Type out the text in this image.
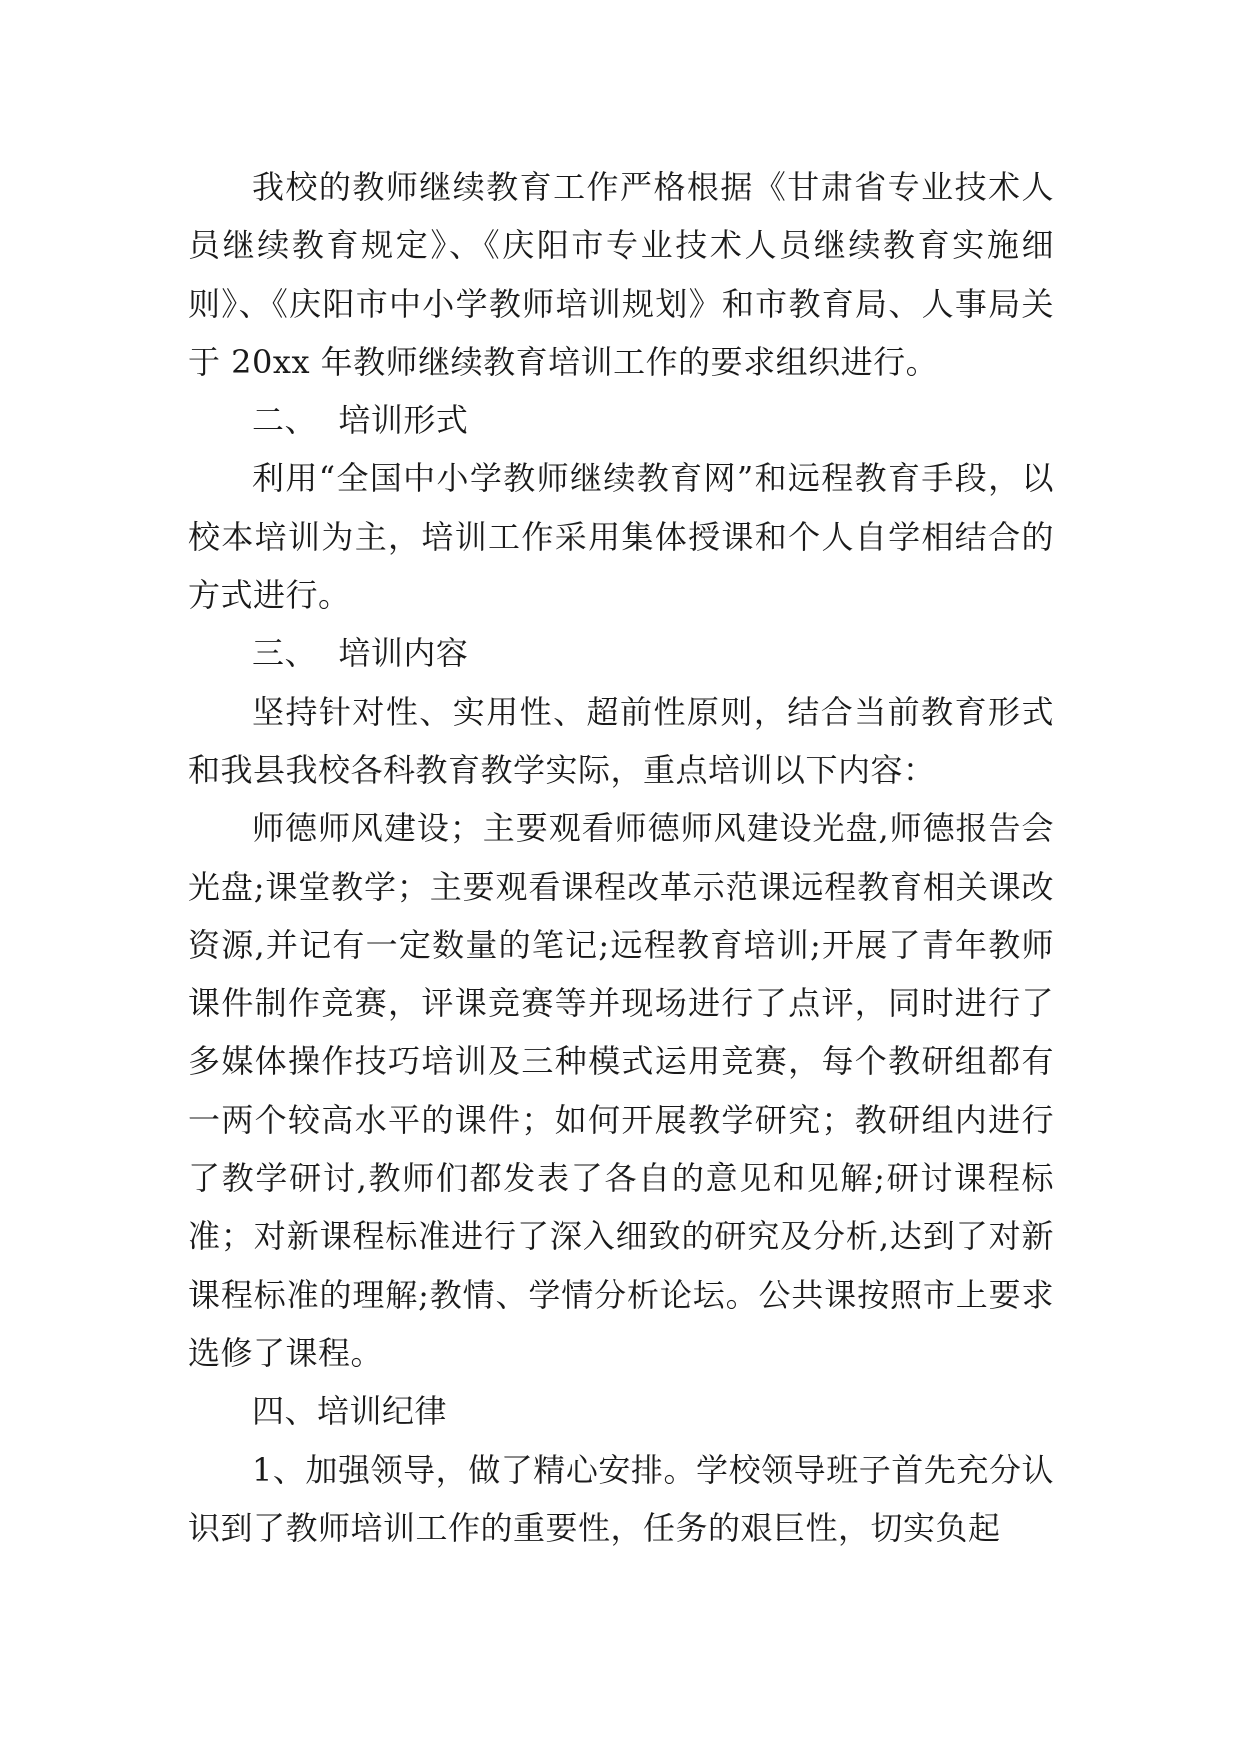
我校的教师继续教育工作严格根据《甘肃省专业技术人员继续教育规定》、《庆阳市专业技术人员继续教育实施细则》、《庆阳市中小学教师培训规划》和市教育局、人事局关于 20xx 年教师继续教育培训工作的要求组织进行。

二、  培训形式

利用“全国中小学教师继续教育网”和远程教育手段，以校本培训为主，培训工作采用集体授课和个人自学相结合的方式进行。

三、  培训内容

坚持针对性、实用性、超前性原则，结合当前教育形式和我县我校各科教育教学实际，重点培训以下内容：

师德师风建设；主要观看师德师风建设光盘,师德报告会光盘;课堂教学；主要观看课程改革示范课远程教育相关课改资源,并记有一定数量的笔记;远程教育培训;开展了青年教师课件制作竞赛，评课竞赛等并现场进行了点评，同时进行了多媒体操作技巧培训及三种模式运用竞赛，每个教研组都有一两个较高水平的课件；如何开展教学研究；教研组内进行了教学研讨,教师们都发表了各自的意见和见解;研讨课程标准；对新课程标准进行了深入细致的研究及分析,达到了对新课程标准的理解;教情、学情分析论坛。公共课按照市上要求选修了课程。

四、培训纪律

1、加强领导，做了精心安排。学校领导班子首先充分认识到了教师培训工作的重要性，任务的艰巨性，切实负起
